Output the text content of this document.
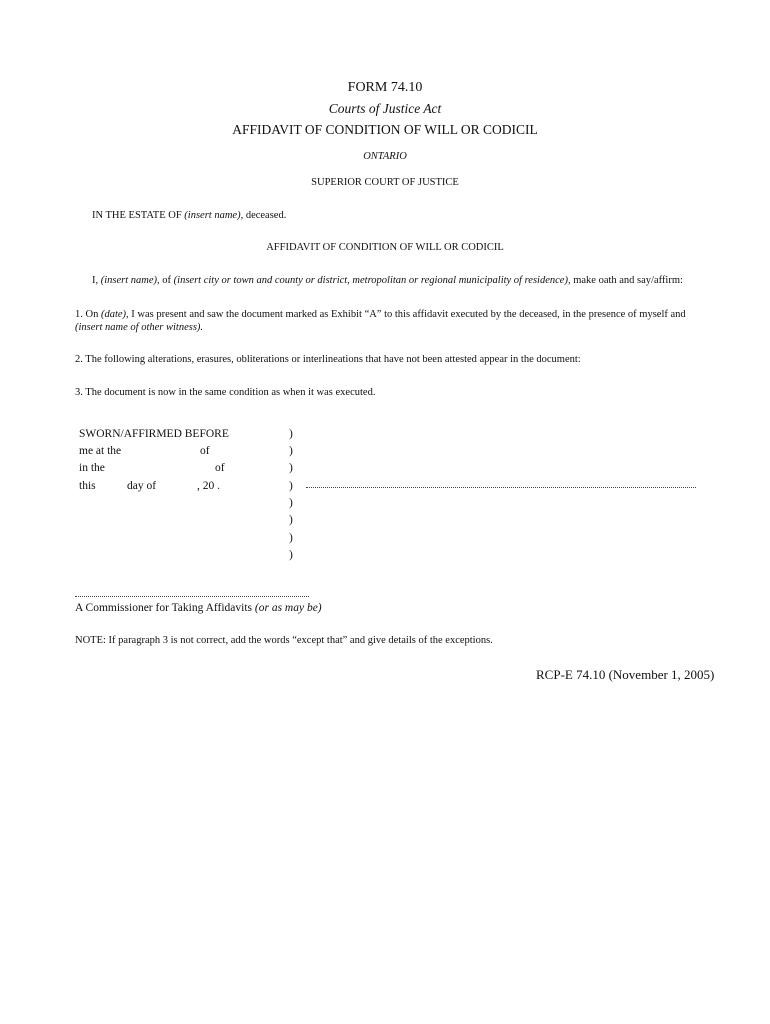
FORM 74.10
Courts of Justice Act
AFFIDAVIT OF CONDITION OF WILL OR CODICIL
ONTARIO
SUPERIOR COURT OF JUSTICE
IN THE ESTATE OF (insert name), deceased.
AFFIDAVIT OF CONDITION OF WILL OR CODICIL
I, (insert name), of (insert city or town and county or district, metropolitan or regional municipality of residence), make oath and say/affirm:
1. On (date), I was present and saw the document marked as Exhibit “A” to this affidavit executed by the deceased, in the presence of myself and (insert name of other witness).
2. The following alterations, erasures, obliterations or interlineations that have not been attested appear in the document:
3. The document is now in the same condition as when it was executed.
SWORN/AFFIRMED BEFORE
me at the	of
in the	of
this	day of	, 20 .
)
)
)
)
)
)
)
)
A Commissioner for Taking Affidavits (or as may be)
NOTE: If paragraph 3 is not correct, add the words “except that” and give details of the exceptions.
RCP-E 74.10 (November 1, 2005)
